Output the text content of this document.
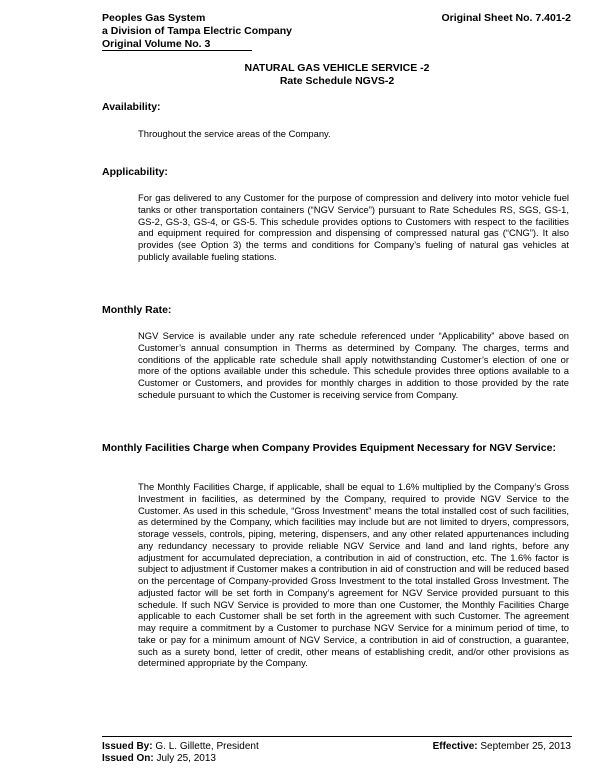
Peoples Gas System
a Division of Tampa Electric Company
Original Volume No. 3
Original Sheet No. 7.401-2
NATURAL GAS VEHICLE SERVICE -2
Rate Schedule NGVS-2
Availability:
Throughout the service areas of the Company.
Applicability:
For gas delivered to any Customer for the purpose of compression and delivery into motor vehicle fuel tanks or other transportation containers (“NGV Service”) pursuant to Rate Schedules RS, SGS, GS-1, GS-2, GS-3, GS-4, or GS-5. This schedule provides options to Customers with respect to the facilities and equipment required for compression and dispensing of compressed natural gas (“CNG”). It also provides (see Option 3) the terms and conditions for Company’s fueling of natural gas vehicles at publicly available fueling stations.
Monthly Rate:
NGV Service is available under any rate schedule referenced under “Applicability” above based on Customer’s annual consumption in Therms as determined by Company. The charges, terms and conditions of the applicable rate schedule shall apply notwithstanding Customer’s election of one or more of the options available under this schedule. This schedule provides three options available to a Customer or Customers, and provides for monthly charges in addition to those provided by the rate schedule pursuant to which the Customer is receiving service from Company.
Monthly Facilities Charge when Company Provides Equipment Necessary for NGV Service:
The Monthly Facilities Charge, if applicable, shall be equal to 1.6% multiplied by the Company’s Gross Investment in facilities, as determined by the Company, required to provide NGV Service to the Customer. As used in this schedule, “Gross Investment” means the total installed cost of such facilities, as determined by the Company, which facilities may include but are not limited to dryers, compressors, storage vessels, controls, piping, metering, dispensers, and any other related appurtenances including any redundancy necessary to provide reliable NGV Service and land and land rights, before any adjustment for accumulated depreciation, a contribution in aid of construction, etc. The 1.6% factor is subject to adjustment if Customer makes a contribution in aid of construction and will be reduced based on the percentage of Company-provided Gross Investment to the total installed Gross Investment. The adjusted factor will be set forth in Company’s agreement for NGV Service provided pursuant to this schedule. If such NGV Service is provided to more than one Customer, the Monthly Facilities Charge applicable to each Customer shall be set forth in the agreement with such Customer. The agreement may require a commitment by a Customer to purchase NGV Service for a minimum period of time, to take or pay for a minimum amount of NGV Service, a contribution in aid of construction, a guarantee, such as a surety bond, letter of credit, other means of establishing credit, and/or other provisions as determined appropriate by the Company.
Issued By: G. L. Gillette, President
Issued On: July 25, 2013
Effective: September 25, 2013
